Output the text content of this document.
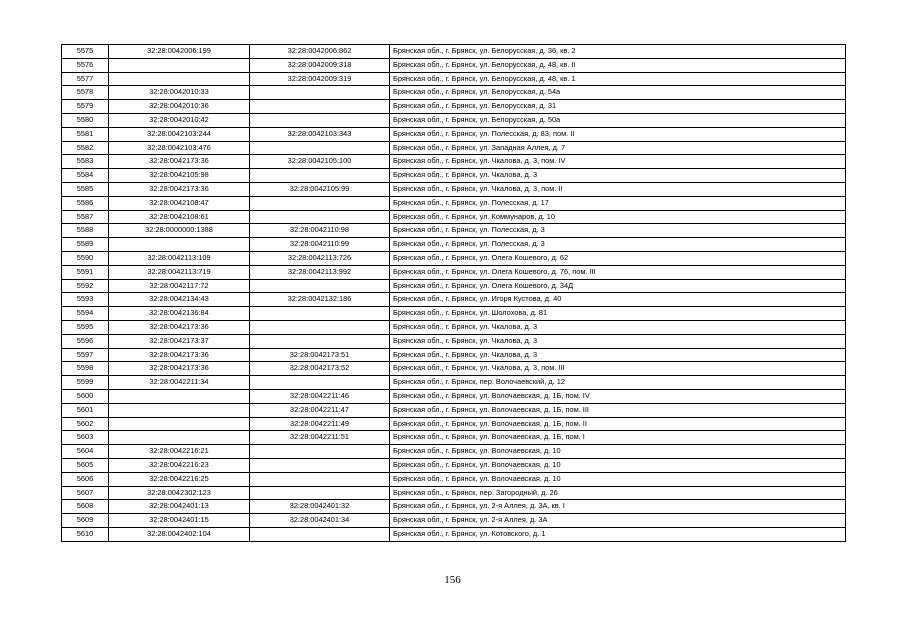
5575	32:28:0042006:199	32:28:0042006:862	Брянская обл., г. Брянск, ул. Белорусская, д. 36, кв. 2
5576		32:28:0042009:318	Брянская обл., г. Брянск, ул. Белорусская, д. 48, кв. II
5577		32:28:0042009:319	Брянская обл., г. Брянск, ул. Белорусская, д. 48, кв. 1
5578	32:28:0042010:33		Брянская обл., г. Брянск, ул. Белорусская, д. 54а
5579	32:28:0042010:36		Брянская обл., г. Брянск, ул. Белорусская, д. 31
5580	32:28:0042010:42		Брянская обл., г. Брянск, ул. Белорусская, д. 50а
5581	32:28:0042103:244	32:28:0042103:343	Брянская обл., г. Брянск, ул. Полесская, д. 83, пом. II
5582	32:28:0042103:476		Брянская обл., г. Брянск, ул. Западная Аллея, д. 7
5583	32:28:0042173:36	32:28:0042105:100	Брянская обл., г. Брянск, ул. Чкалова, д. 3, пом. IV
5584	32:28:0042105:98		Брянская обл., г. Брянск, ул. Чкалова, д. 3
5585	32:28:0042173:36	32:28:0042105:99	Брянская обл., г. Брянск, ул. Чкалова, д. 3, пом. II
5586	32:28:0042108:47		Брянская обл., г. Брянск, ул. Полесская, д. 17
5587	32:28:0042108:61		Брянская обл., г. Брянск, ул. Коммунаров, д. 10
5588	32:28:0000000:1388	32:28:0042110:98	Брянская обл., г. Брянск, ул. Полесская, д. 3
5589		32:28:0042110:99	Брянская обл., г. Брянск, ул. Полесская, д. 3
5590	32:28:0042113:109	32:28:0042113:726	Брянская обл., г. Брянск, ул. Олега Кошевого, д. 62
5591	32:28:0042113:719	32:28:0042113:992	Брянская обл., г. Брянск, ул. Олега Кошевого, д. 76, пом. III
5592	32:28:0042117:72		Брянская обл., г. Брянск, ул. Олега Кошевого, д. 34Д
5593	32:28:0042134:43	32:28:0042132:186	Брянская обл., г. Брянск, ул. Игоря Кустова, д. 40
5594	32:28:0042136:84		Брянская обл., г. Брянск, ул. Шолохова, д. 81
5595	32:28:0042173:36		Брянская обл., г. Брянск, ул. Чкалова, д. 3
5596	32:28:0042173:37		Брянская обл., г. Брянск, ул. Чкалова, д. 3
5597	32:28:0042173:36	32:28:0042173:51	Брянская обл., г. Брянск, ул. Чкалова, д. 3
5598	32:28:0042173:36	32:28:0042173:52	Брянская обл., г. Брянск, ул. Чкалова, д. 3, пом. III
5599	32:28:0042211:34		Брянская обл., г. Брянск, пер. Волочаевский, д. 12
5600		32:28:0042211:46	Брянская обл., г. Брянск, ул. Волочаевская, д. 1Б, пом. IV
5601		32:28:0042211:47	Брянская обл., г. Брянск, ул. Волочаевская, д. 1Б, пом. III
5602		32:28:0042211:49	Брянская обл., г. Брянск, ул. Волочаевская, д. 1Б, пом. II
5603		32:28:0042211:51	Брянская обл., г. Брянск, ул. Волочаевская, д. 1Б, пом. I
5604	32:28:0042216:21		Брянская обл., г. Брянск, ул. Волочаевская, д. 10
5605	32:28:0042216:23		Брянская обл., г. Брянск, ул. Волочаевская, д. 10
5606	32:28:0042216:25		Брянская обл., г. Брянск, ул. Волочаевская, д. 10
5607	32:28:0042302:123		Брянская обл., г. Брянск, пер. Загородный, д. 26
5608	32:28:0042401:13	32:28:0042401:32	Брянская обл., г. Брянск, ул. 2-я Аллея, д. 3А, кв. I
5609	32:28:0042401:15	32:28:0042401:34	Брянская обл., г. Брянск, ул. 2-я Аллея, д. 3А
5610	32:28:0042402:104		Брянская обл., г. Брянск, ул. Котовского, д. 1
156
